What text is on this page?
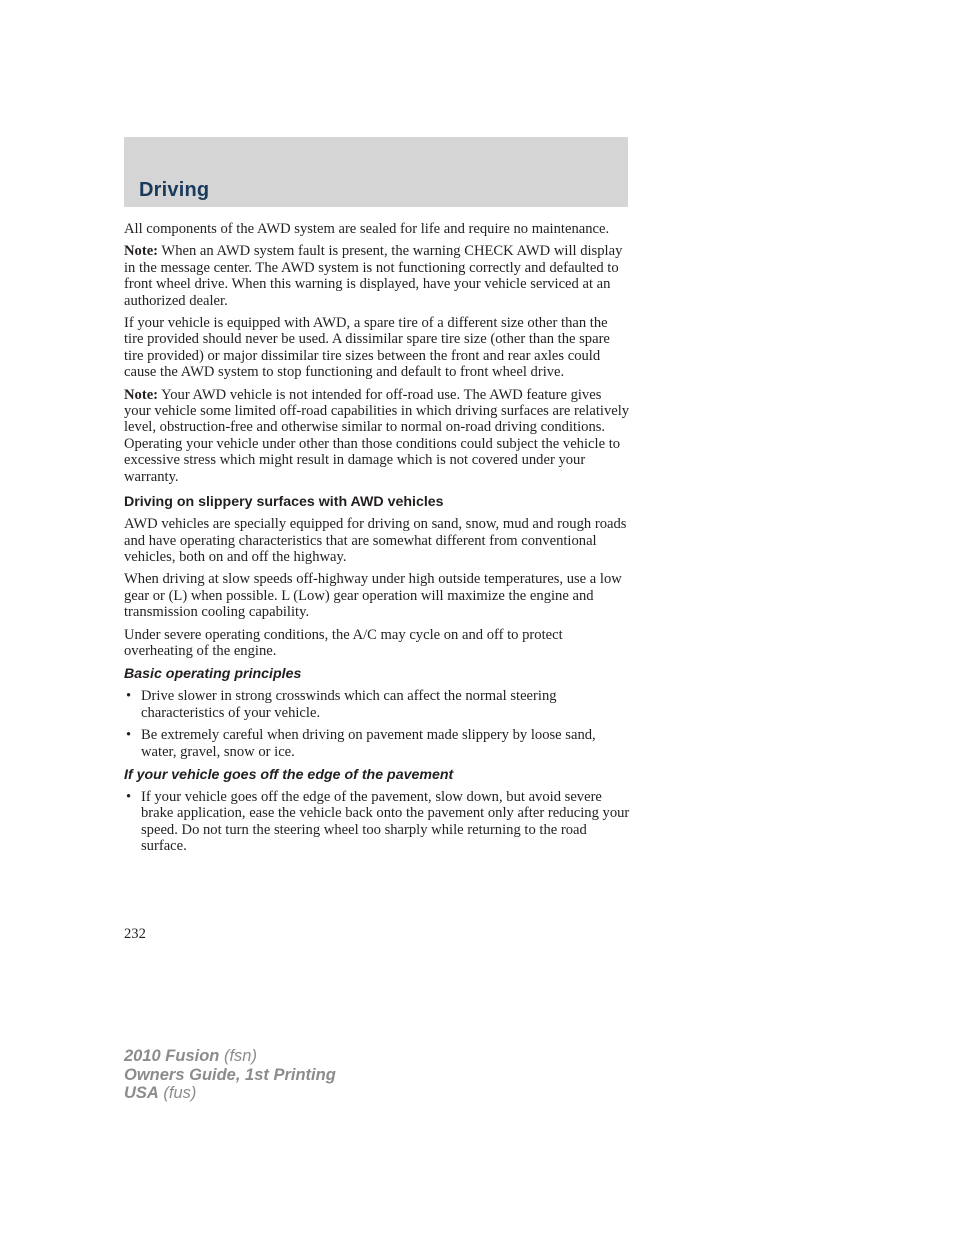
Driving

All components of the AWD system are sealed for life and require no maintenance.

Note: When an AWD system fault is present, the warning CHECK AWD will display in the message center. The AWD system is not functioning correctly and defaulted to front wheel drive. When this warning is displayed, have your vehicle serviced at an authorized dealer.

If your vehicle is equipped with AWD, a spare tire of a different size other than the tire provided should never be used. A dissimilar spare tire size (other than the spare tire provided) or major dissimilar tire sizes between the front and rear axles could cause the AWD system to stop functioning and default to front wheel drive.

Note: Your AWD vehicle is not intended for off-road use. The AWD feature gives your vehicle some limited off-road capabilities in which driving surfaces are relatively level, obstruction-free and otherwise similar to normal on-road driving conditions. Operating your vehicle under other than those conditions could subject the vehicle to excessive stress which might result in damage which is not covered under your warranty.

Driving on slippery surfaces with AWD vehicles

AWD vehicles are specially equipped for driving on sand, snow, mud and rough roads and have operating characteristics that are somewhat different from conventional vehicles, both on and off the highway.

When driving at slow speeds off-highway under high outside temperatures, use a low gear or (L) when possible. L (Low) gear operation will maximize the engine and transmission cooling capability.

Under severe operating conditions, the A/C may cycle on and off to protect overheating of the engine.

Basic operating principles
• Drive slower in strong crosswinds which can affect the normal steering characteristics of your vehicle.
• Be extremely careful when driving on pavement made slippery by loose sand, water, gravel, snow or ice.
If your vehicle goes off the edge of the pavement
• If your vehicle goes off the edge of the pavement, slow down, but avoid severe brake application, ease the vehicle back onto the pavement only after reducing your speed. Do not turn the steering wheel too sharply while returning to the road surface.
232
2010 Fusion (fsn)
Owners Guide, 1st Printing
USA (fus)
